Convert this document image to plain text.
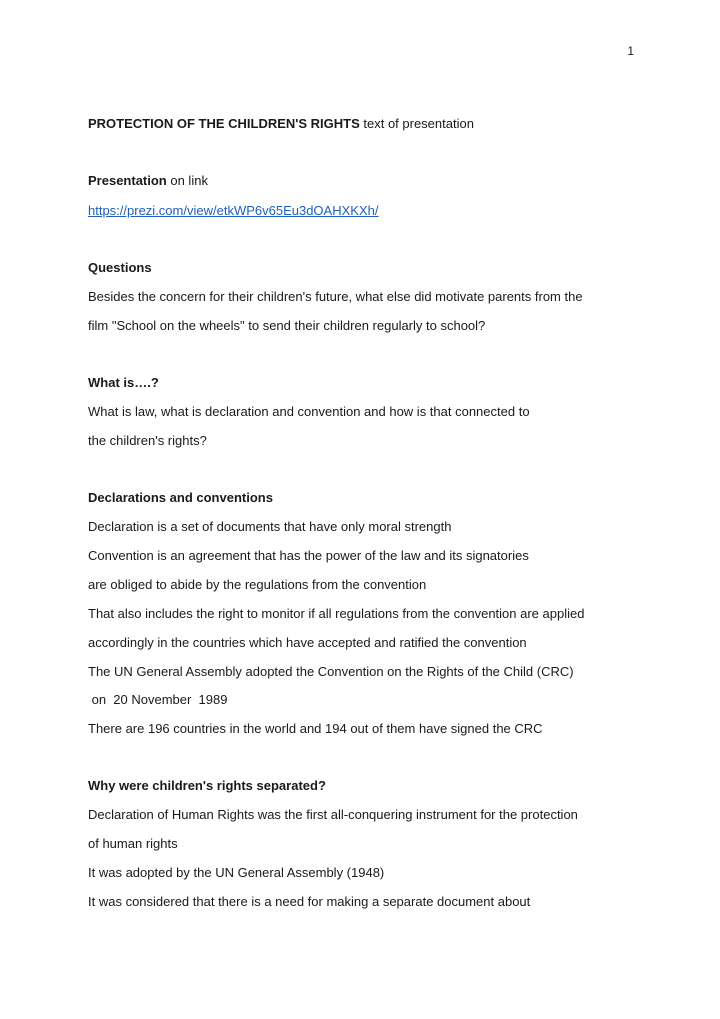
1
PROTECTION OF THE CHILDREN'S RIGHTS text of presentation
Presentation on link
https://prezi.com/view/etkWP6v65Eu3dOAHXKXh/
Questions
Besides the concern for their children's future, what else did motivate parents from the
film "School on the wheels" to send their children regularly to school?
What is….?
What is law, what is declaration and convention and how is that connected to
the children's rights?
Declarations and conventions
Declaration is a set of documents that have only moral strength
Convention is an agreement that has the power of the law and its signatories
are obliged to abide by the regulations from the convention
That also includes the right to monitor if all regulations from the convention are applied
accordingly in the countries which have accepted and ratified the convention
The UN General Assembly adopted the Convention on the Rights of the Child (CRC)
on  20 November  1989
There are 196 countries in the world and 194 out of them have signed the CRC
Why were children's rights separated?
Declaration of Human Rights was the first all-conquering instrument for the protection
of human rights
It was adopted by the UN General Assembly (1948)
It was considered that there is a need for making a separate document about
